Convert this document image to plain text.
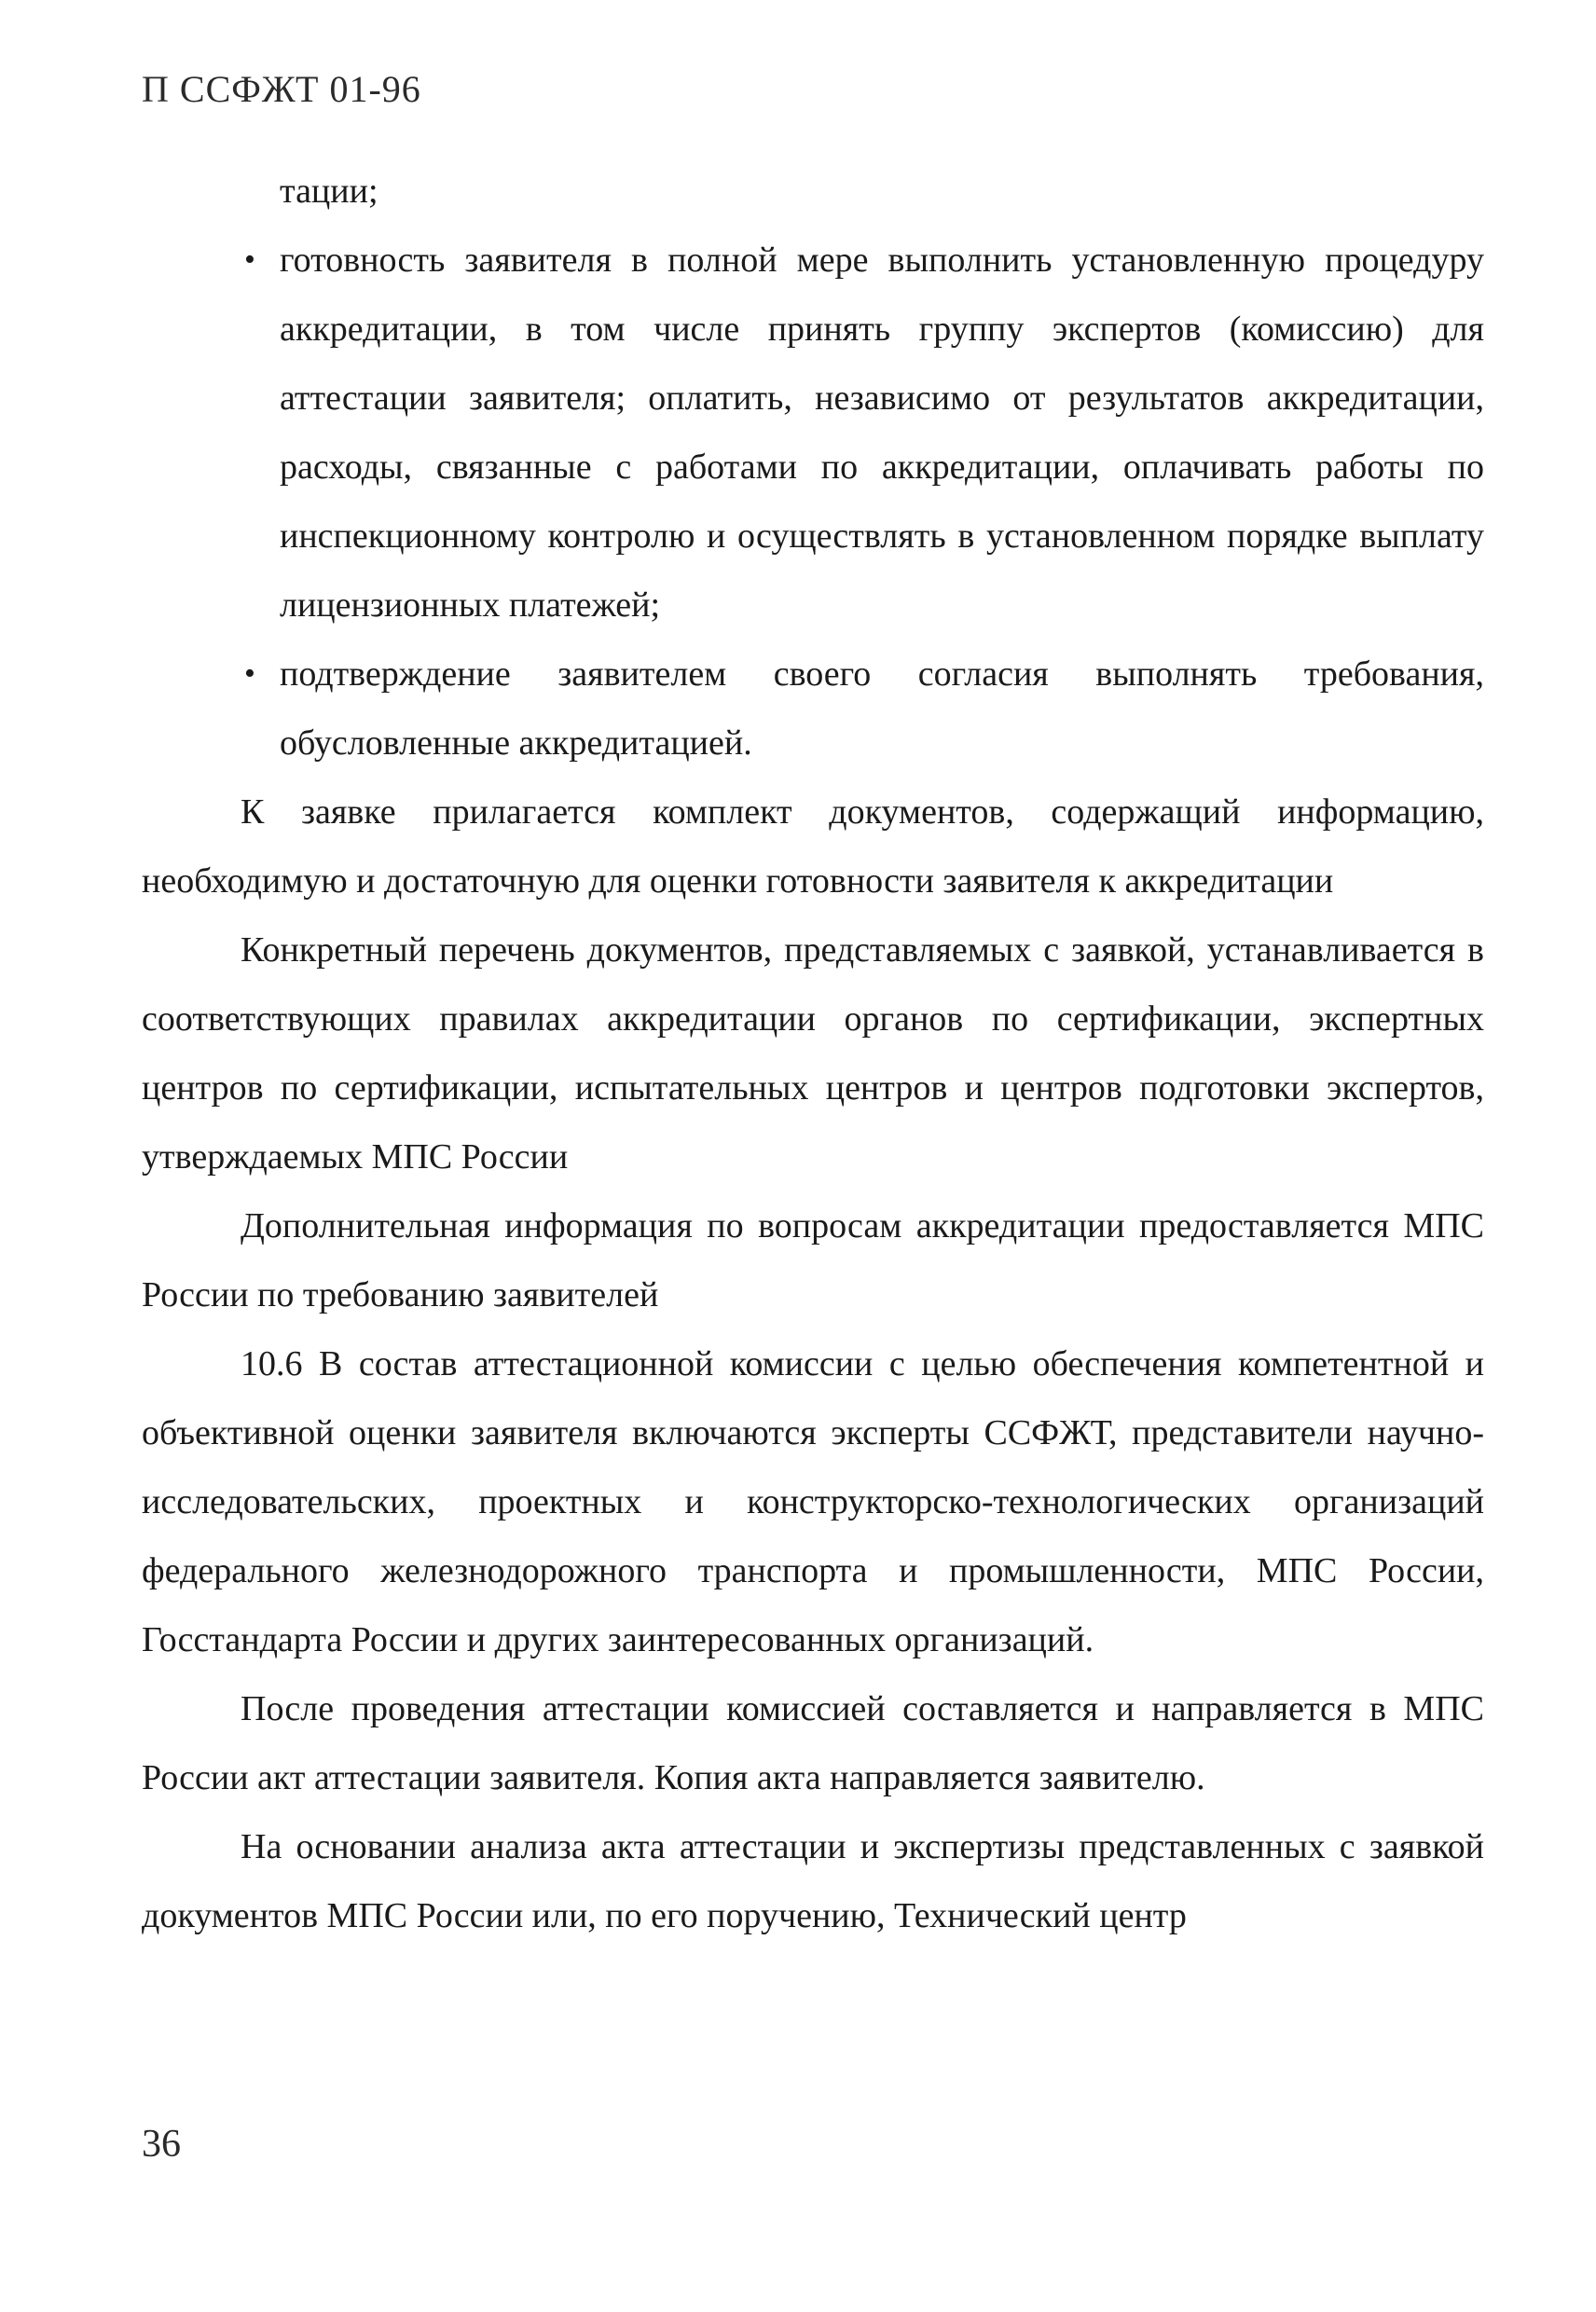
П ССФЖТ 01-96

тации;

• готовность заявителя в полной мере выполнить установленную процедуру аккредитации, в том числе принять группу экспертов (комиссию) для аттестации заявителя; оплатить, независимо от результатов аккредитации, расходы, связанные с работами по аккредитации, оплачивать работы по инспекционному контролю и осуществлять в установленном порядке выплату лицензионных платежей;
• подтверждение заявителем своего согласия выполнять требования, обусловленные аккредитацией.

К заявке прилагается комплект документов, содержащий информацию, необходимую и достаточную для оценки готовности заявителя к аккредитации

Конкретный перечень документов, представляемых с заявкой, устанавливается в соответствующих правилах аккредитации органов по сертификации, экспертных центров по сертификации, испытательных центров и центров подготовки экспертов, утверждаемых МПС России

Дополнительная информация по вопросам аккредитации предоставляется МПС России по требованию заявителей

10.6 В состав аттестационной комиссии с целью обеспечения компетентной и объективной оценки заявителя включаются эксперты ССФЖТ, представители научно-исследовательских, проектных и конструкторско-технологических организаций федерального железнодорожного транспорта и промышленности, МПС России, Госстандарта России и других заинтересованных организаций.

После проведения аттестации комиссией составляется и направляется в МПС России акт аттестации заявителя. Копия акта направляется заявителю.

На основании анализа акта аттестации и экспертизы представленных с заявкой документов МПС России или, по его поручению, Технический центр

36
